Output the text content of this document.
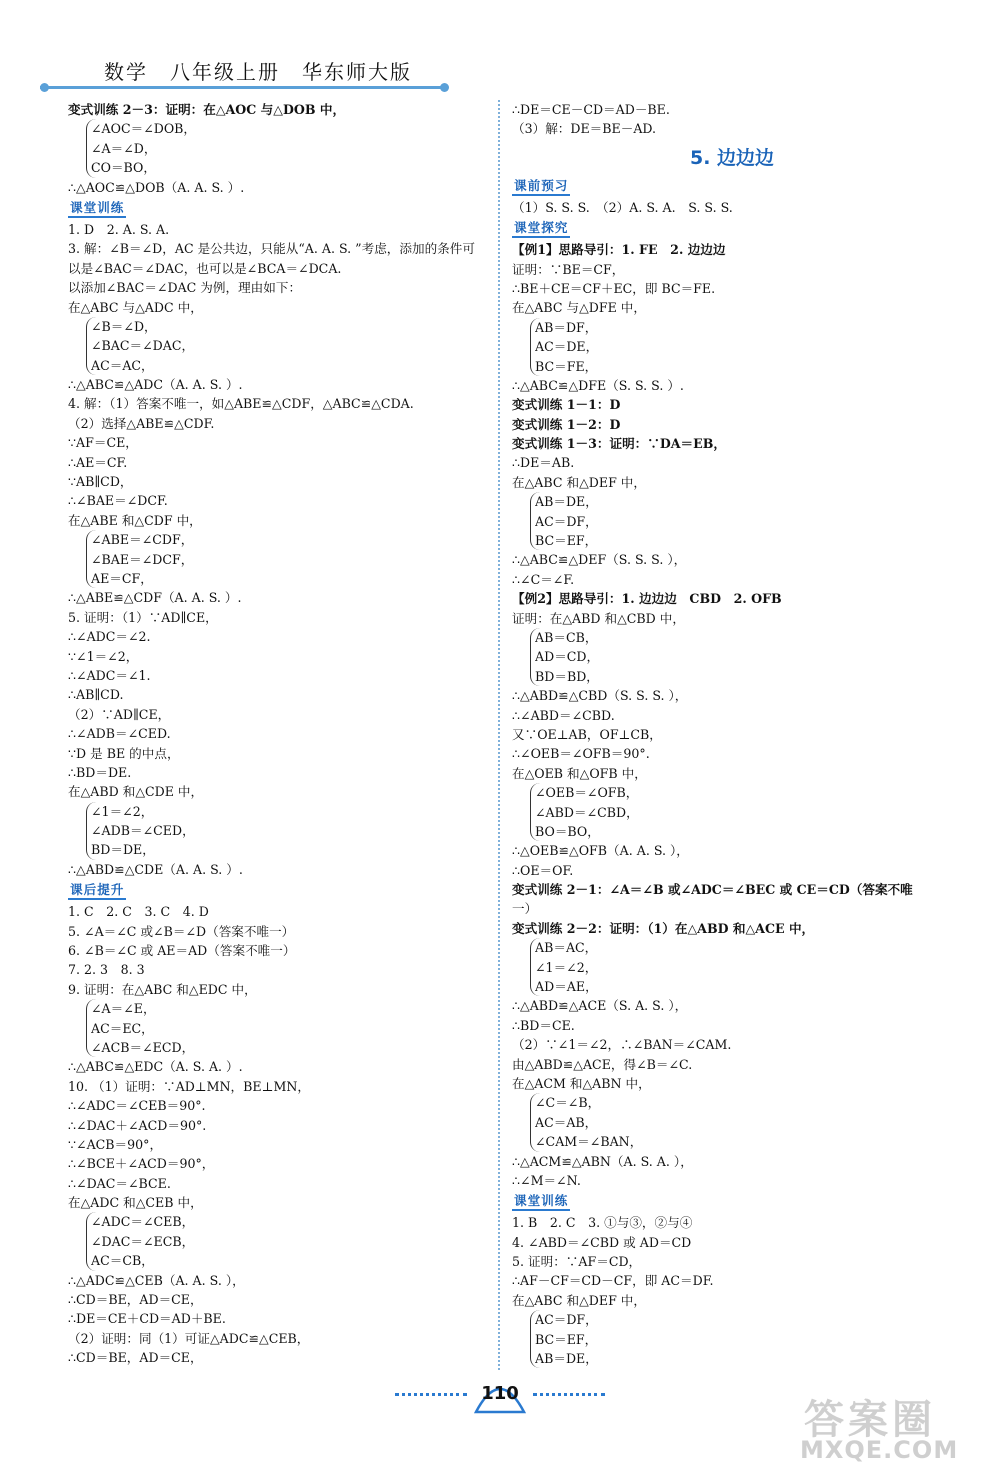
数学　八年级上册　华东师大版
变式训练 2－3：证明：在△AOC 与△DOB 中，
∠AOC＝∠DOB，
∠A＝∠D，
CO＝BO，
∴△AOC≌△DOB（A. A. S. ）.
课堂训练
1. D　2. A. S. A.
3. 解：∠B＝∠D，AC 是公共边，只能从“A. A. S. ”考虑，添加的条件可
以是∠BAC＝∠DAC，也可以是∠BCA＝∠DCA.
以添加∠BAC＝∠DAC 为例，理由如下：
在△ABC 与△ADC 中，
∠B＝∠D，
∠BAC＝∠DAC，
AC＝AC，
∴△ABC≌△ADC（A. A. S. ）.
4. 解：（1）答案不唯一，如△ABE≌△CDF，△ABC≌△CDA.
（2）选择△ABE≌△CDF.
∵AF＝CE，
∴AE＝CF.
∵AB∥CD，
∴∠BAE＝∠DCF.
在△ABE 和△CDF 中，
∠ABE＝∠CDF，
∠BAE＝∠DCF，
AE＝CF，
∴△ABE≌△CDF（A. A. S. ）.
5. 证明：（1）∵AD∥CE，
∴∠ADC＝∠2.
∵∠1＝∠2，
∴∠ADC＝∠1.
∴AB∥CD.
（2）∵AD∥CE，
∴∠ADB＝∠CED.
∵D 是 BE 的中点，
∴BD＝DE.
在△ABD 和△CDE 中，
∠1＝∠2，
∠ADB＝∠CED，
BD＝DE，
∴△ABD≌△CDE（A. A. S. ）.
课后提升
1. C　2. C　3. C　4. D
5. ∠A＝∠C 或∠B＝∠D（答案不唯一）
6. ∠B＝∠C 或 AE＝AD（答案不唯一）
7. 2. 3　8. 3
9. 证明：在△ABC 和△EDC 中，
∠A＝∠E，
AC＝EC，
∠ACB＝∠ECD，
∴△ABC≌△EDC（A. S. A. ）.
10. （1）证明：∵AD⊥MN，BE⊥MN，
∴∠ADC＝∠CEB＝90°.
∴∠DAC＋∠ACD＝90°.
∵∠ACB＝90°，
∴∠BCE＋∠ACD＝90°，
∴∠DAC＝∠BCE.
在△ADC 和△CEB 中，
∠ADC＝∠CEB，
∠DAC＝∠ECB，
AC＝CB，
∴△ADC≌△CEB（A. A. S. ），
∴CD＝BE，AD＝CE，
∴DE＝CE＋CD＝AD＋BE.
（2）证明：同（1）可证△ADC≌△CEB，
∴CD＝BE，AD＝CE，
∴DE＝CE－CD＝AD－BE.
（3）解：DE＝BE－AD.
5. 边边边
课前预习
（1）S. S. S.　（2）A. S. A.　S. S. S.
课堂探究
【例1】思路导引：1. FE　2. 边边边
证明：∵BE＝CF，
∴BE＋CE＝CF＋EC，即 BC＝FE.
在△ABC 与△DFE 中，
AB＝DF，
AC＝DE，
BC＝FE，
∴△ABC≌△DFE（S. S. S. ）.
变式训练 1－1：D
变式训练 1－2：D
变式训练 1－3：证明：∵DA＝EB，
∴DE＝AB.
在△ABC 和△DEF 中，
AB＝DE，
AC＝DF，
BC＝EF，
∴△ABC≌△DEF（S. S. S. ），
∴∠C＝∠F.
【例2】思路导引：1. 边边边　CBD　2. OFB
证明：在△ABD 和△CBD 中，
AB＝CB，
AD＝CD，
BD＝BD，
∴△ABD≌△CBD（S. S. S. ），
∴∠ABD＝∠CBD.
又∵OE⊥AB，OF⊥CB，
∴∠OEB＝∠OFB＝90°.
在△OEB 和△OFB 中，
∠OEB＝∠OFB，
∠ABD＝∠CBD，
BO＝BO，
∴△OEB≌△OFB（A. A. S. ），
∴OE＝OF.
变式训练 2－1：∠A＝∠B 或∠ADC＝∠BEC 或 CE＝CD（答案不唯
一）
变式训练 2－2：证明：（1）在△ABD 和△ACE 中，
AB＝AC，
∠1＝∠2，
AD＝AE，
∴△ABD≌△ACE（S. A. S. ），
∴BD＝CE.
（2）∵∠1＝∠2，∴∠BAN＝∠CAM.
由△ABD≌△ACE，得∠B＝∠C.
在△ACM 和△ABN 中，
∠C＝∠B，
AC＝AB，
∠CAM＝∠BAN，
∴△ACM≌△ABN（A. S. A. ），
∴∠M＝∠N.
课堂训练
1. B　2. C　3. ①与③，②与④
4. ∠ABD＝∠CBD 或 AD＝CD
5. 证明：∵AF＝CD，
∴AF－CF＝CD－CF，即 AC＝DF.
在△ABC 和△DEF 中，
AC＝DF，
BC＝EF，
AB＝DE，
110
答案圈
MXQE.COM
